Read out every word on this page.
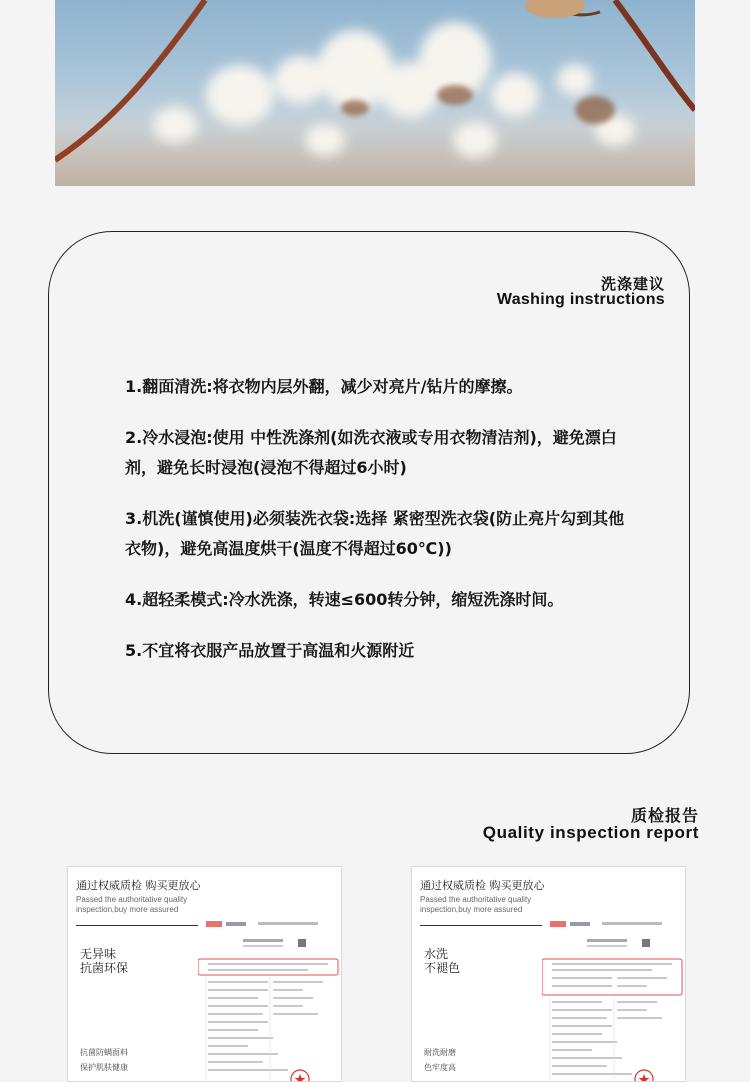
洗涤建议
Washing instructions
1.翻面清洗:将衣物内层外翻，减少对亮片/钻片的摩擦。
2.冷水浸泡:使用 中性洗涤剂(如洗衣液或专用衣物清洁剂)，避免漂白剂，避免长时浸泡(浸泡不得超过6小时)
3.机洗(谨慎使用)必须装洗衣袋:选择 紧密型洗衣袋(防止亮片勾到其他衣物)，避免高温度烘干(温度不得超过60℃))
4.超轻柔模式:冷水洗涤，转速≤600转分钟，缩短洗涤时间。
5.不宜将衣服产品放置于高温和火源附近
质检报告
Quality inspection report
通过权威质检 购买更放心
Passed the authoritative quality inspection,buy more assured
无异味
抗菌环保
抗菌防螨面料
保护肌肤健康
通过权威质检 购买更放心
Passed the authoritative quality inspection,buy more assured
水洗
不褪色
耐洗耐磨
色牢度高
